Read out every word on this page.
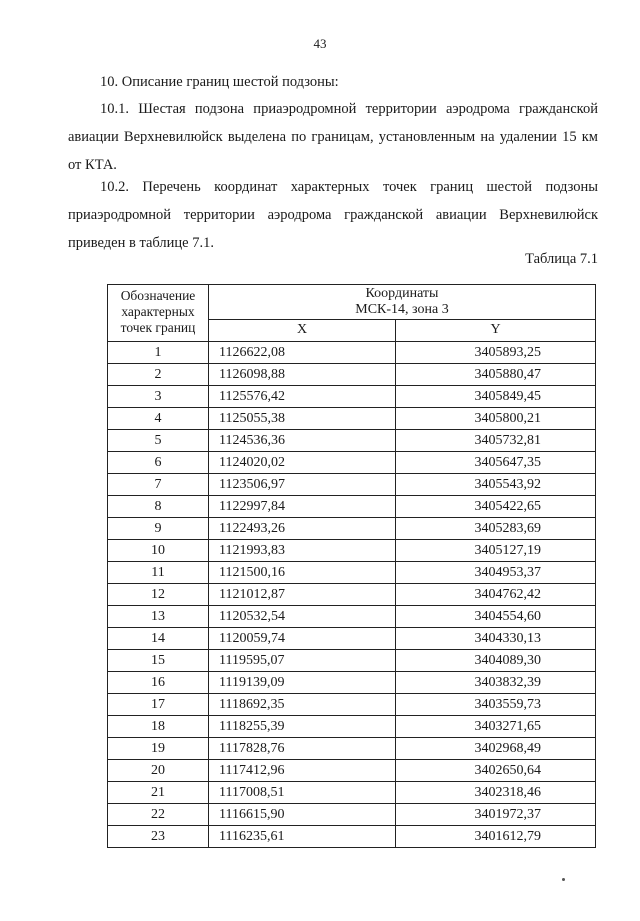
43
10. Описание границ шестой подзоны:
10.1. Шестая подзона приаэродромной территории аэродрома гражданской авиации Верхневилюйск выделена по границам, установленным на удалении 15 км от КТА.
10.2. Перечень координат характерных точек границ шестой подзоны приаэродромной территории аэродрома гражданской авиации Верхневилюйск приведен в таблице 7.1.
Таблица 7.1
Обозначение
характерных
точек границ	Координаты
МСК-14, зона 3	
	X	Y
1	1126622,08	3405893,25
2	1126098,88	3405880,47
3	1125576,42	3405849,45
4	1125055,38	3405800,21
5	1124536,36	3405732,81
6	1124020,02	3405647,35
7	1123506,97	3405543,92
8	1122997,84	3405422,65
9	1122493,26	3405283,69
10	1121993,83	3405127,19
11	1121500,16	3404953,37
12	1121012,87	3404762,42
13	1120532,54	3404554,60
14	1120059,74	3404330,13
15	1119595,07	3404089,30
16	1119139,09	3403832,39
17	1118692,35	3403559,73
18	1118255,39	3403271,65
19	1117828,76	3402968,49
20	1117412,96	3402650,64
21	1117008,51	3402318,46
22	1116615,90	3401972,37
23	1116235,61	3401612,79
